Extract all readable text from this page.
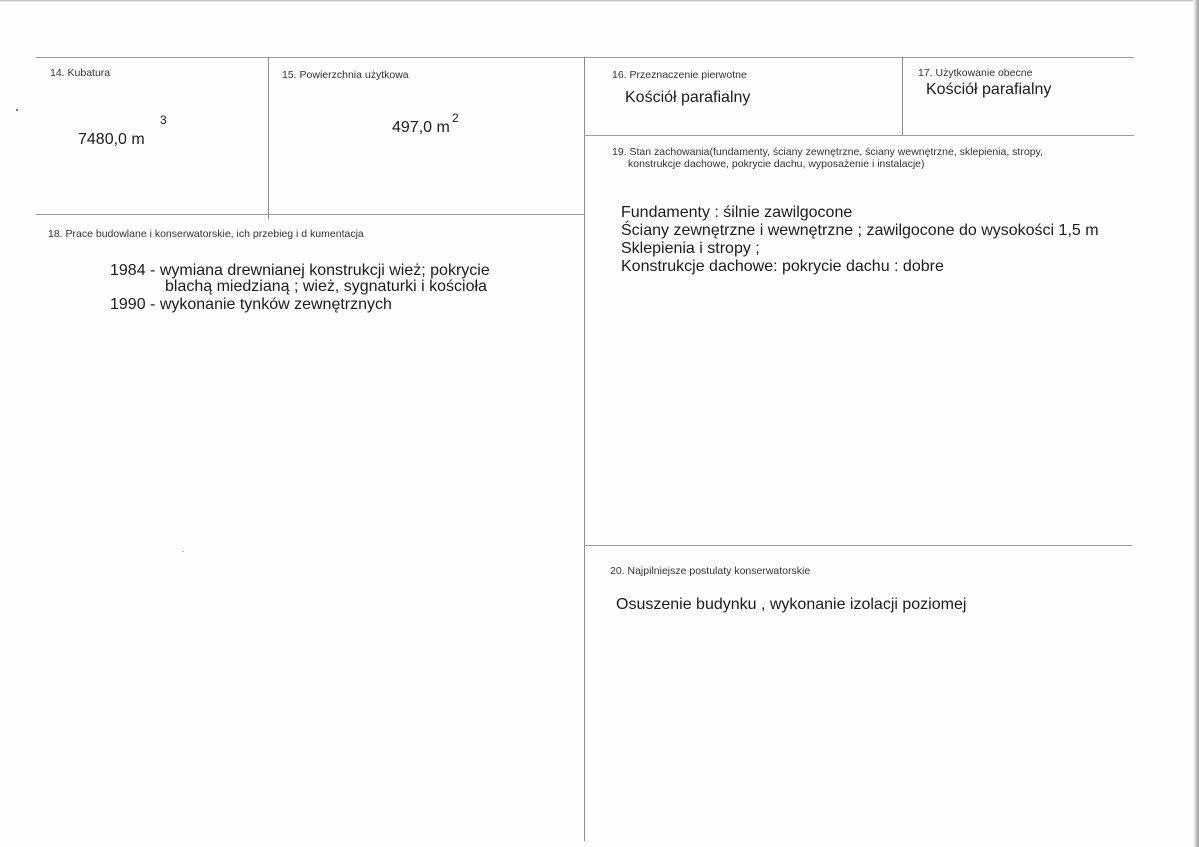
14. Kubatura
3
7480,0 m
15. Powierzchnia użytkowa
2
497,0 m
16. Przeznaczenie pierwotne
Kościół parafialny
17. Użytkowanie obecne
Kościół parafialny
19. Stan zachowania(fundamenty, ściany zewnętrzne, ściany wewnętrzne, sklepienia, stropy,
konstrukcje dachowe, pokrycie dachu, wyposażenie i instalacje)
Fundamenty : śilnie zawilgocone
Ściany zewnętrzne i wewnętrzne ; zawilgocone do wysokości 1,5 m
Sklepienia i stropy ;
Konstrukcje dachowe: pokrycie dachu : dobre
18. Prace budowlane i konserwatorskie, ich przebieg i d kumentacja
1984 - wymiana drewnianej konstrukcji wież; pokrycie
blachą miedzianą ; wież, sygnaturki i kościoła
1990 - wykonanie tynków zewnętrznych
20. Najpilniejsze postulaty konserwatorskie
Osuszenie budynku , wykonanie izolacji poziomej
